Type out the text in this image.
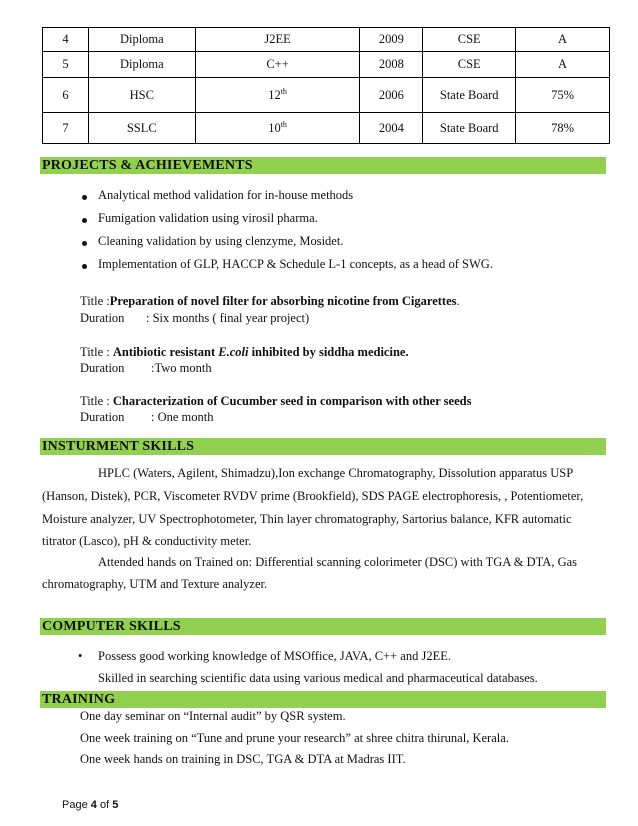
4	Diploma	J2EE	2009	CSE	A
5	Diploma	C++	2008	CSE	A
6	HSC	12th	2006	State Board	75%
7	SSLC	10th	2004	State Board	78%
PROJECTS & ACHIEVEMENTS
Analytical method validation for in-house methods
Fumigation validation using virosil pharma.
Cleaning validation by using clenzyme, Mosidet.
Implementation of GLP, HACCP & Schedule L-1 concepts, as a head of SWG.
Title :Preparation of novel filter for absorbing nicotine from Cigarettes.
Duration : Six months ( final year project)
Title : Antibiotic resistant E.coli inhibited by siddha medicine.
Duration :Two month
Title : Characterization of Cucumber seed in comparison with other seeds
Duration : One month
INSTURMENT SKILLS
HPLC (Waters, Agilent, Shimadzu),Ion exchange Chromatography, Dissolution apparatus USP
(Hanson, Distek), PCR, Viscometer RVDV prime (Brookfield), SDS PAGE electrophoresis, , Potentiometer,
Moisture analyzer, UV Spectrophotometer, Thin layer chromatography, Sartorius balance, KFR automatic
titrator (Lasco), pH & conductivity meter.
Attended hands on Trained on: Differential scanning colorimeter (DSC) with TGA & DTA, Gas
chromatography, UTM and Texture analyzer.
COMPUTER SKILLS
• Possess good working knowledge of MSOffice, JAVA, C++ and J2EE.
Skilled in searching scientific data using various medical and pharmaceutical databases.
TRAINING
One day seminar on “Internal audit” by QSR system.
One week training on “Tune and prune your research” at shree chitra thirunal, Kerala.
One week hands on training in DSC, TGA & DTA at Madras IIT.
Page 4 of 5
